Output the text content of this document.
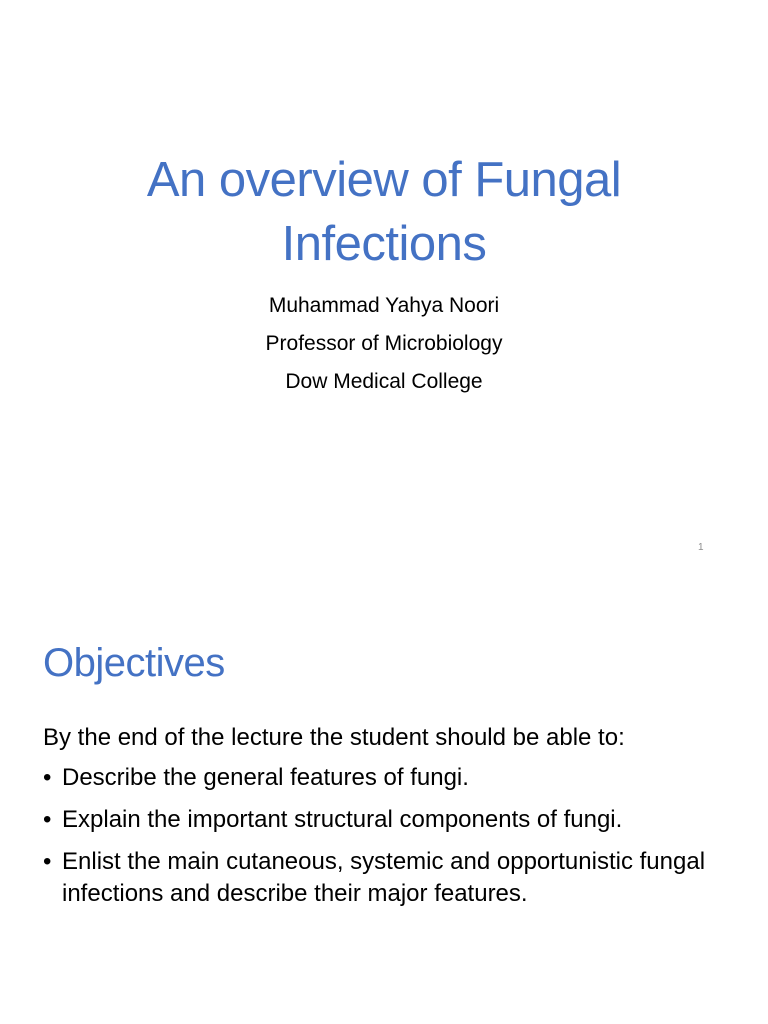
An overview of Fungal
Infections
Muhammad Yahya Noori
Professor of Microbiology
Dow Medical College
1
Objectives
By the end of the lecture the student should be able to:
• Describe the general features of fungi.
• Explain the important structural components of fungi.
• Enlist the main cutaneous, systemic and opportunistic fungal infections and describe their major features.
